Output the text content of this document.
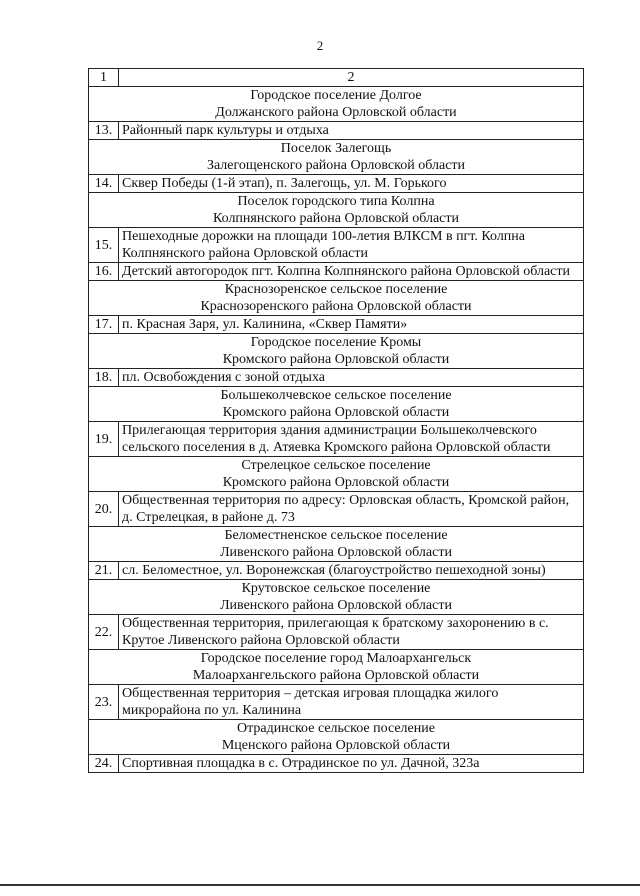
2
1	2

Городское поселение Долгое
Должанского района Орловской области	

13.	Районный парк культуры и отдыха

Поселок Залегощь
Залегощенского района Орловской области	

14.	Сквер Победы (1-й этап), п. Залегощь, ул. М. Горького

Поселок городского типа Колпна
Колпнянского района Орловской области	

15.	Пешеходные дорожки на площади 100-летия ВЛКСМ в пгт. Колпна Колпнянского района Орловской области
16.	Детский автогородок пгт. Колпна Колпнянского района Орловской области

Краснозоренское сельское поселение
Краснозоренского района Орловской области	

17.	п. Красная Заря, ул. Калинина, «Сквер Памяти»

Городское поселение Кромы
Кромского района Орловской области	

18.	пл. Освобождения с зоной отдыха

Большеколчевское сельское поселение
Кромского района Орловской области	

19.	Прилегающая территория здания администрации Большеколчевского сельского поселения в д. Атяевка Кромского района Орловской области

Стрелецкое сельское поселение
Кромского района Орловской области	

20.	Общественная территория по адресу: Орловская область, Кромской район, д. Стрелецкая, в районе д. 73

Беломестненское сельское поселение
Ливенского района Орловской области	

21.	сл. Беломестное, ул. Воронежская (благоустройство пешеходной зоны)

Крутовское сельское поселение
Ливенского района Орловской области	

22.	Общественная территория, прилегающая к братскому захоронению в с. Крутое Ливенского района Орловской области

Городское поселение город Малоархангельск
Малоархангельского района Орловской области	

23.	Общественная территория – детская игровая площадка жилого микрорайона по ул. Калинина

Отрадинское сельское поселение
Мценского района Орловской области	

24.	Спортивная площадка в с. Отрадинское по ул. Дачной, 323а
